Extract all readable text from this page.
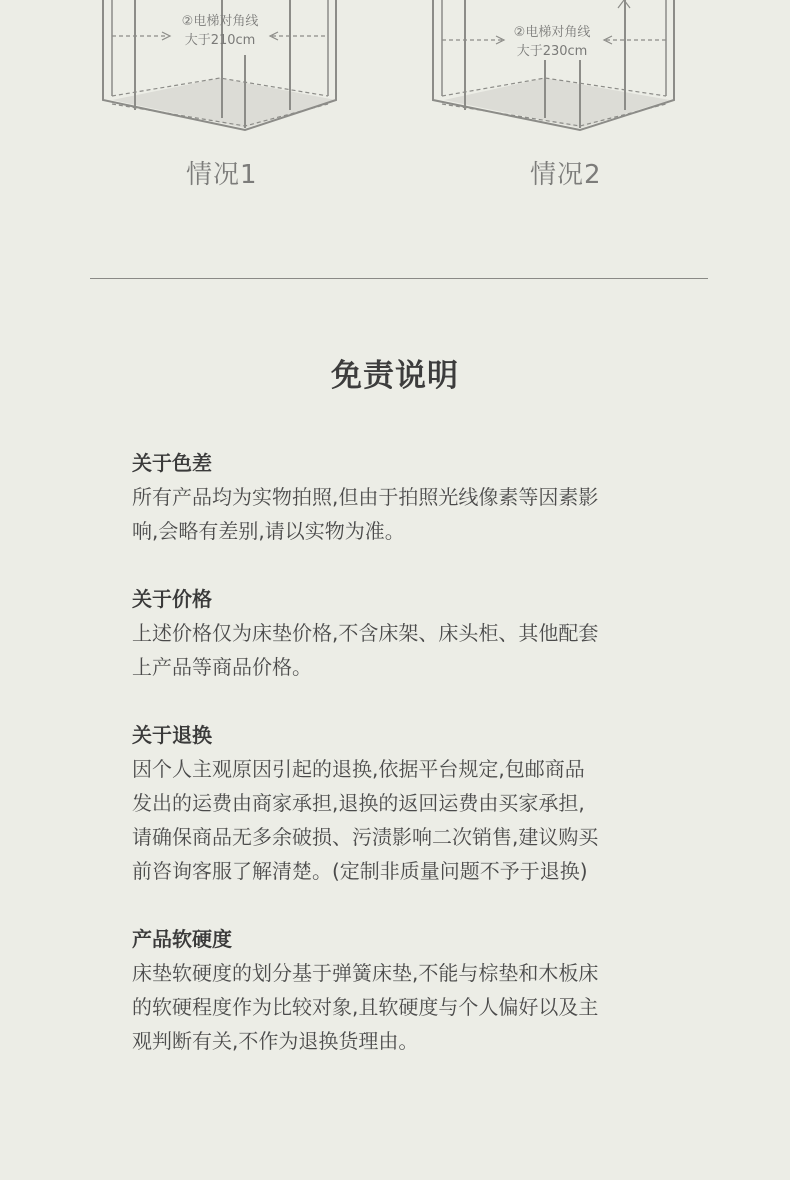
②电梯对角线
大于210cm
情况1
②电梯对角线
大于230cm
情况2
免责说明
关于色差
所有产品均为实物拍照,但由于拍照光线像素等因素影
响,会略有差别,请以实物为准。
关于价格
上述价格仅为床垫价格,不含床架、床头柜、其他配套
上产品等商品价格。
关于退换
因个人主观原因引起的退换,依据平台规定,包邮商品
发出的运费由商家承担,退换的返回运费由买家承担,
请确保商品无多余破损、污渍影响二次销售,建议购买
前咨询客服了解清楚。(定制非质量问题不予于退换)
产品软硬度
床垫软硬度的划分基于弹簧床垫,不能与棕垫和木板床
的软硬程度作为比较对象,且软硬度与个人偏好以及主
观判断有关,不作为退换货理由。
